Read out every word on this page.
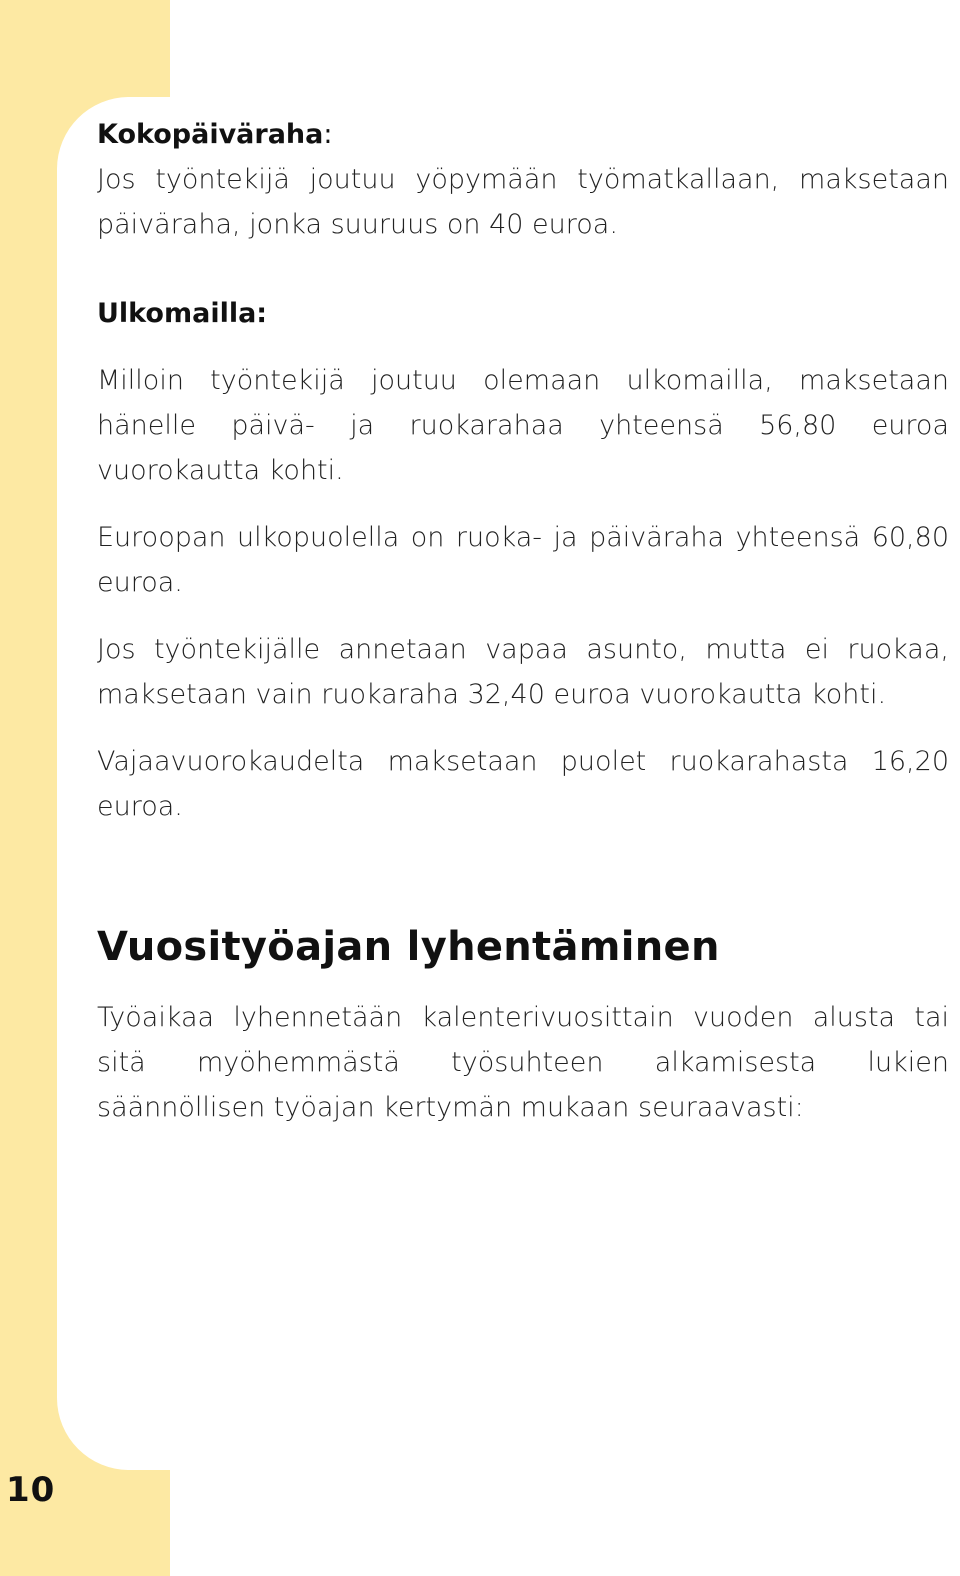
Kokopäiväraha:

Jos työntekijä joutuu yöpymään työmatkallaan, maksetaan päiväraha, jonka suuruus on 40 euroa.

Ulkomailla:

Milloin työntekijä joutuu olemaan ulkomailla, maksetaan hänelle päivä- ja ruokarahaa yhteensä 56,80 euroa vuorokautta kohti.

Euroopan ulkopuolella on ruoka- ja päiväraha yhteensä 60,80 euroa.

Jos työntekijälle annetaan vapaa asunto, mutta ei ruokaa, maksetaan vain ruokaraha 32,40 euroa vuorokautta kohti.

Vajaavuorokaudelta maksetaan puolet ruokarahasta 16,20 euroa.

Vuosityöajan lyhentäminen

Työaikaa lyhennetään kalenterivuosittain vuoden alusta tai sitä myöhemmästä työsuhteen alkamisesta lukien säännöllisen työajan kertymän mukaan seuraavasti:

10
